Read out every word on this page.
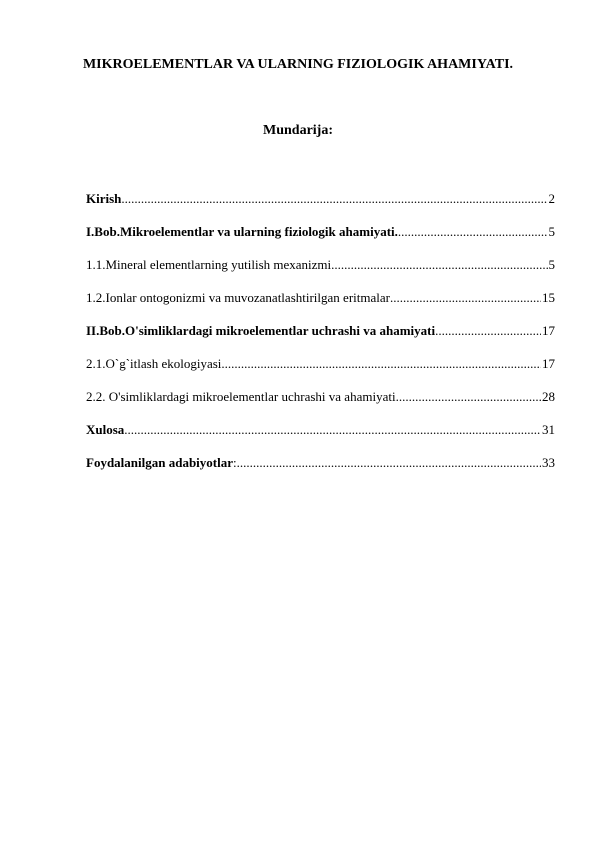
MIKROELEMENTLAR VA ULARNING FIZIOLOGIK AHAMIYATI.
Mundarija:
Kirish .....	2
I.Bob.Mikroelementlar va ularning fiziologik ahamiyati. .....	5
1.1.Mineral elementlarning yutilish mexanizmi .....	5
1.2.Ionlar ontogonizmi va muvozanatlashtirilgan eritmalar .....	15
II.Bob.O'simliklardagi mikroelementlar uchrashi va ahamiyati .....	17
2.1.O`g`itlash ekologiyasi .....	17
2.2. O'simliklardagi mikroelementlar uchrashi va ahamiyati .....	28
Xulosa .....	31
Foydalanilgan adabiyotlar : .....	33
